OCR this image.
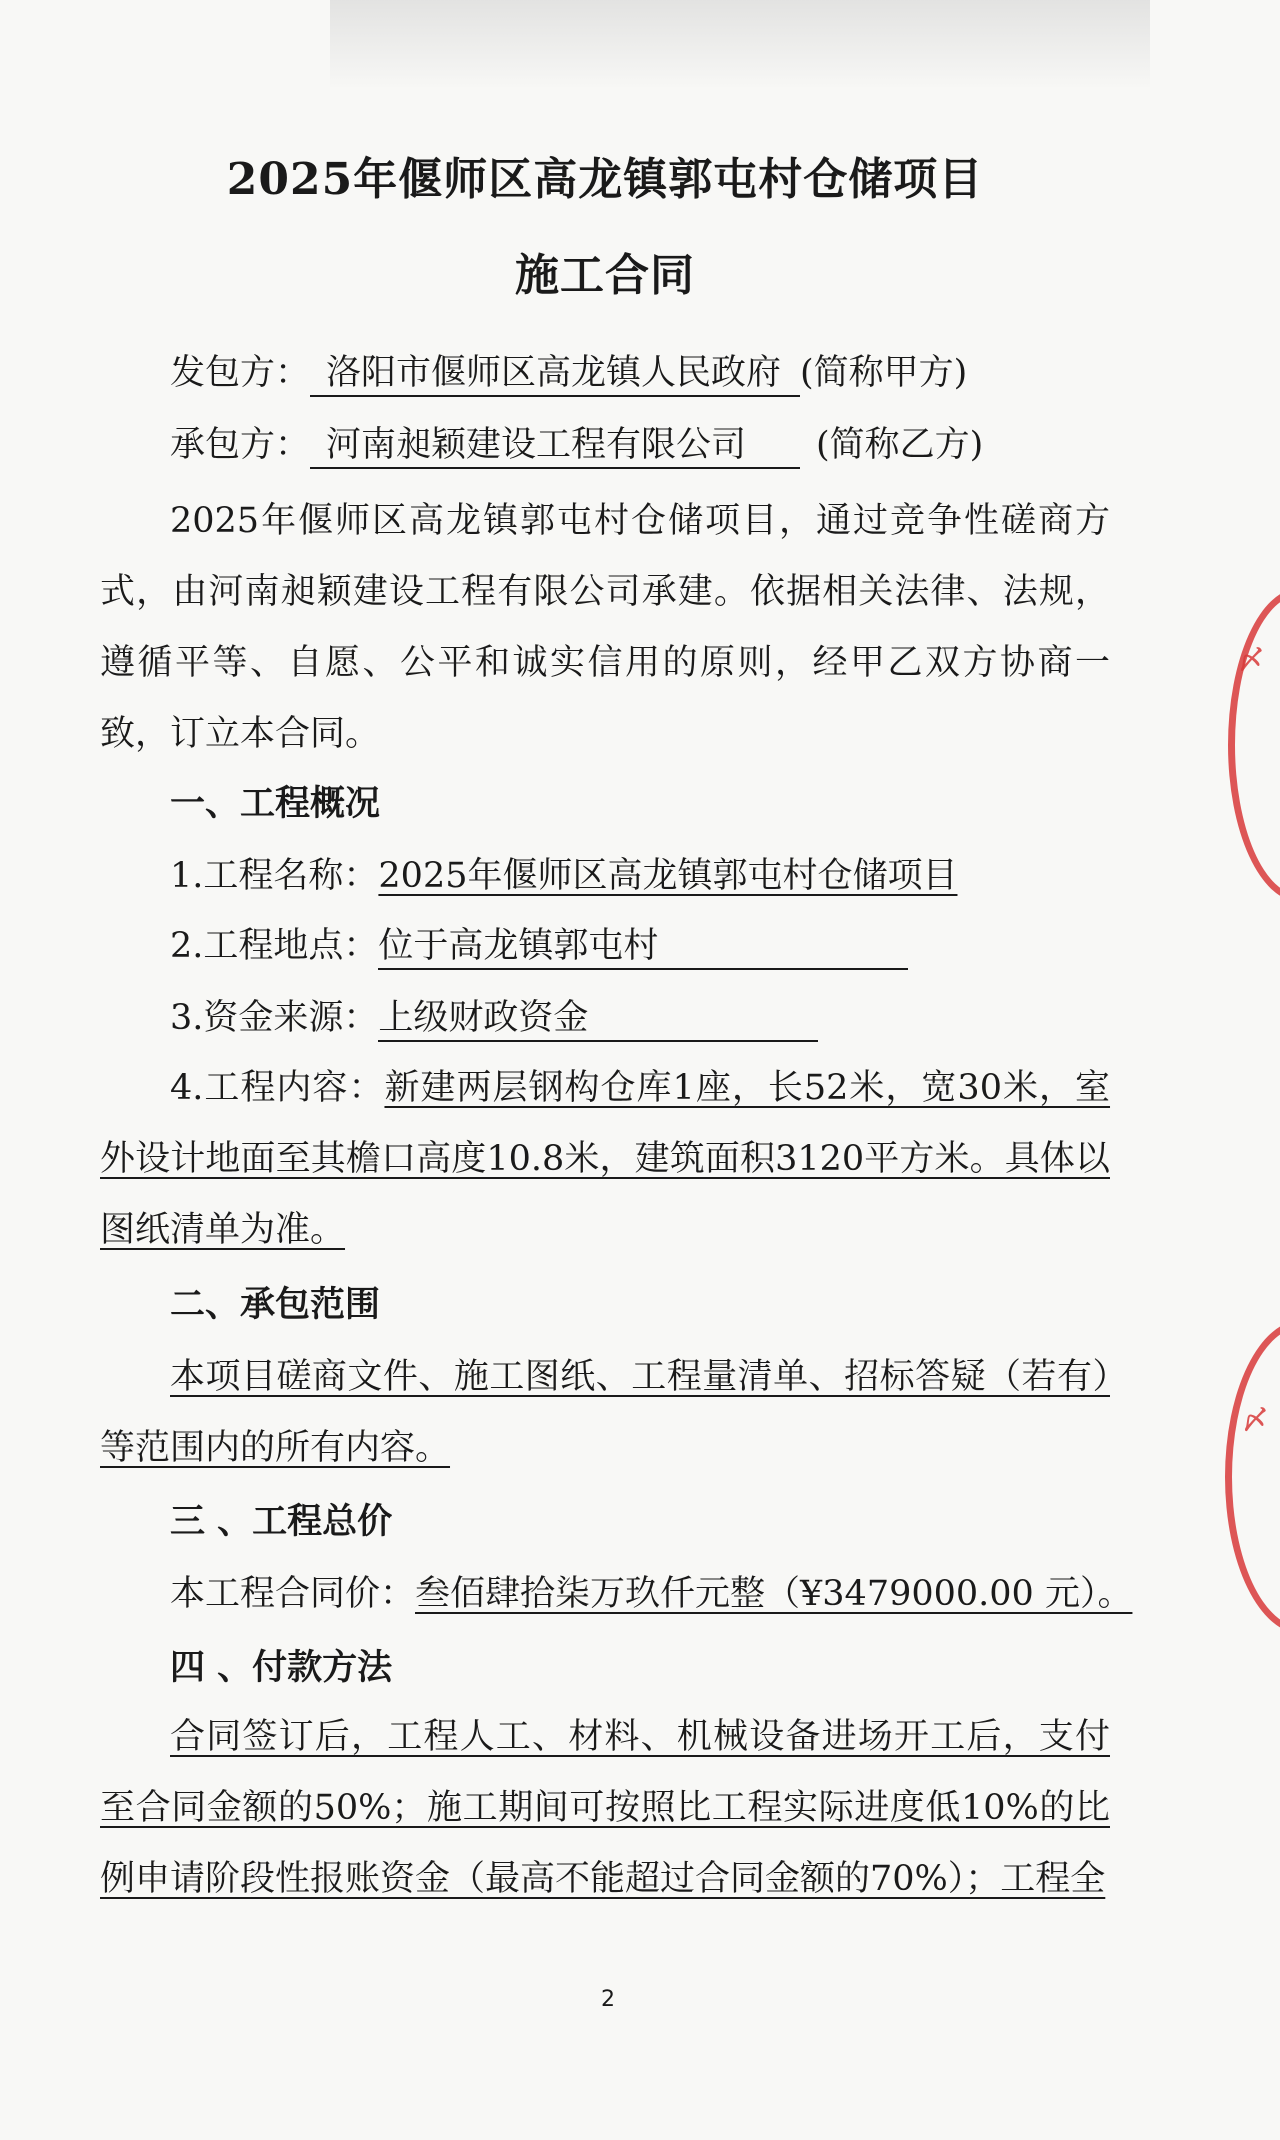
2025年偃师区高龙镇郭屯村仓储项目
施工合同
发包方： 洛阳市偃师区高龙镇人民政府 (简称甲方)
承包方： 河南昶颖建设工程有限公司 (简称乙方)
2025年偃师区高龙镇郭屯村仓储项目，通过竞争性磋商方式，由河南昶颖建设工程有限公司承建。依据相关法律、法规，遵循平等、自愿、公平和诚实信用的原则，经甲乙双方协商一致，订立本合同。
一、工程概况
1.工程名称：2025年偃师区高龙镇郭屯村仓储项目
2.工程地点：位于高龙镇郭屯村
3.资金来源：上级财政资金
4.工程内容：新建两层钢构仓库1座，长52米，宽30米，室外设计地面至其檐口高度10.8米，建筑面积3120平方米。具体以图纸清单为准。
二、承包范围
本项目磋商文件、施工图纸、工程量清单、招标答疑（若有）等范围内的所有内容。
三 、工程总价
本工程合同价：叁佰肆拾柒万玖仟元整（¥3479000.00 元）。
四 、付款方法
合同签订后，工程人工、材料、机械设备进场开工后，支付至合同金额的50%；施工期间可按照比工程实际进度低10%的比例申请阶段性报账资金（最高不能超过合同金额的70%）；工程全
2
〆
〆
